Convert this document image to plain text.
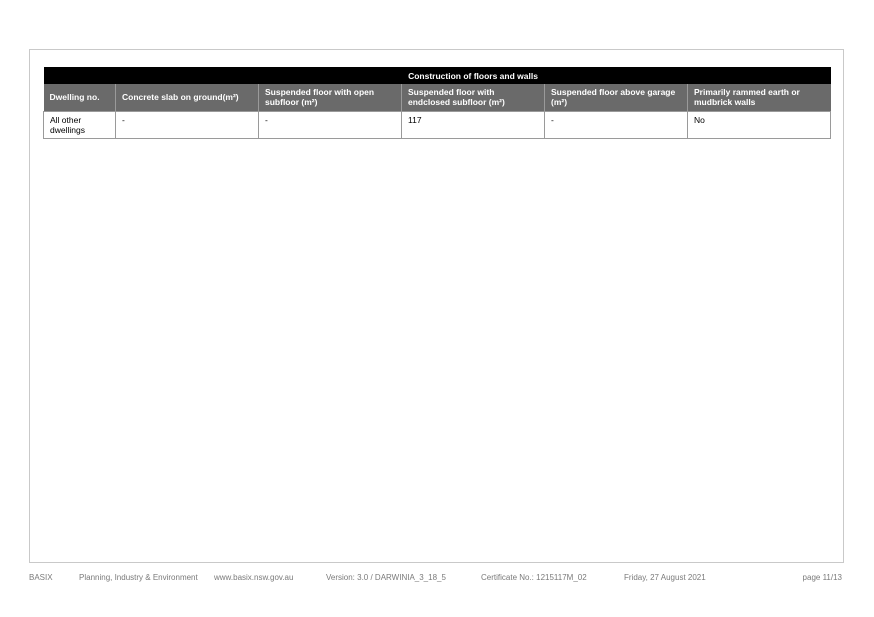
	Construction of floors and walls				
Dwelling no.	Concrete slab on ground(m²)	Suspended floor with open subfloor (m²)	Suspended floor with endclosed subfloor (m²)	Suspended floor above garage (m²)	Primarily rammed earth or mudbrick walls
All other dwellings	-	-	117	-	No
BASIX	Planning, Industry & Environment www.basix.nsw.gov.au	Version: 3.0 / DARWINIA_3_18_5	Certificate No.: 1215117M_02	Friday, 27 August 2021	page 11/13
